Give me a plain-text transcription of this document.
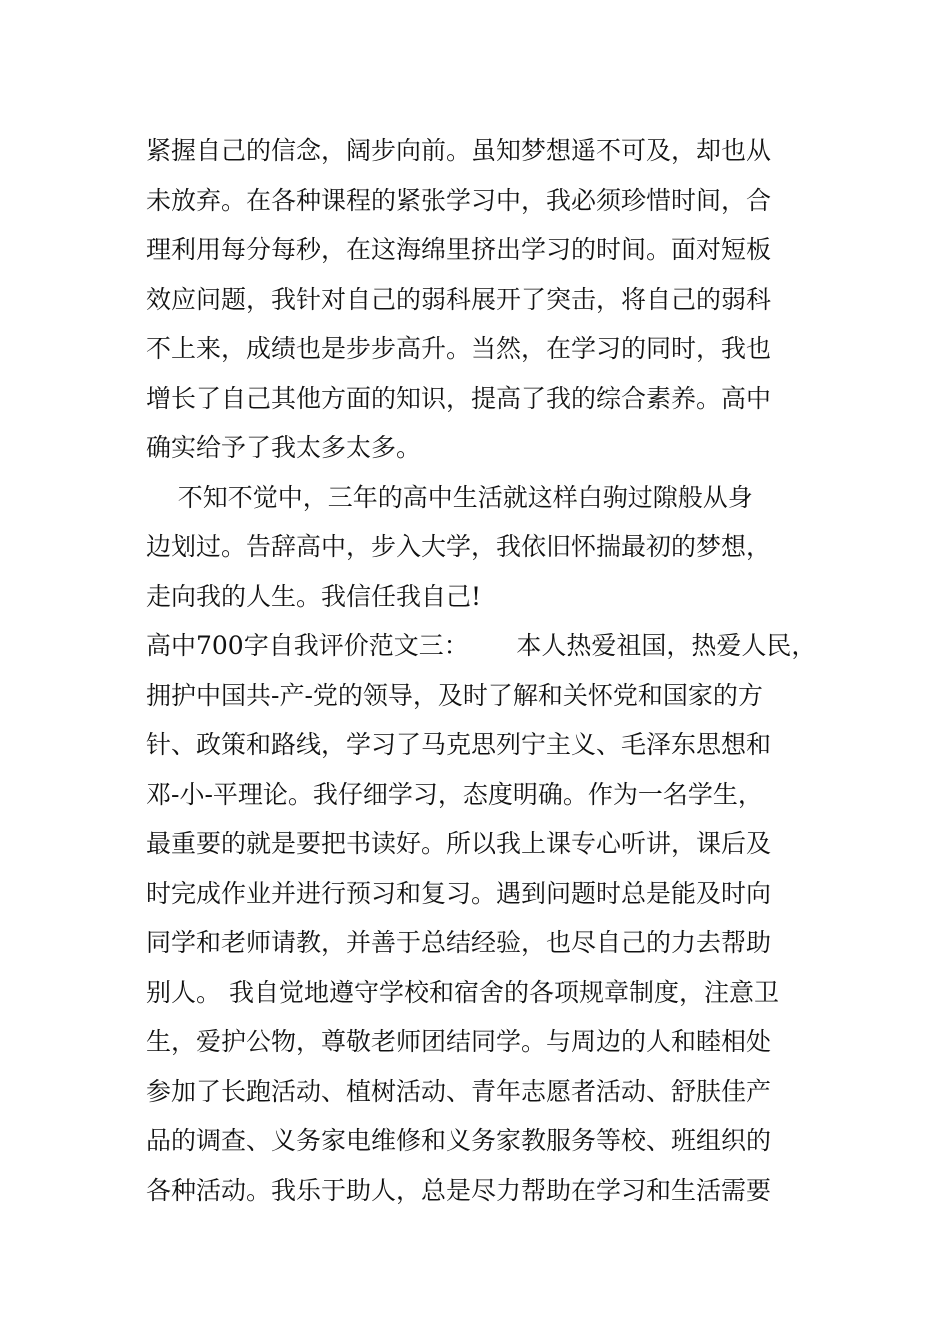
紧握自己的信念，阔步向前。虽知梦想遥不可及，却也从
未放弃。在各种课程的紧张学习中，我必须珍惜时间，合
理利用每分每秒，在这海绵里挤出学习的时间。面对短板
效应问题，我针对自己的弱科展开了突击，将自己的弱科
不上来，成绩也是步步高升。当然，在学习的同时，我也
增长了自己其他方面的知识，提高了我的综合素养。高中
确实给予了我太多太多。
不知不觉中，三年的高中生活就这样白驹过隙般从身
边划过。告辞高中，步入大学，我依旧怀揣最初的梦想，
走向我的人生。我信任我自己!
高中700字自我评价范文三：      本人热爱祖国，热爱人民，
拥护中国共-产-党的领导，及时了解和关怀党和国家的方
针、政策和路线，学习了马克思列宁主义、毛泽东思想和
邓-小-平理论。我仔细学习，态度明确。作为一名学生，
最重要的就是要把书读好。所以我上课专心听讲，课后及
时完成作业并进行预习和复习。遇到问题时总是能及时向
同学和老师请教，并善于总结经验，也尽自己的力去帮助
别人。 我自觉地遵守学校和宿舍的各项规章制度，注意卫
生，爱护公物，尊敬老师团结同学。与周边的人和睦相处
参加了长跑活动、植树活动、青年志愿者活动、舒肤佳产
品的调查、义务家电维修和义务家教服务等校、班组织的
各种活动。我乐于助人，总是尽力帮助在学习和生活需要
